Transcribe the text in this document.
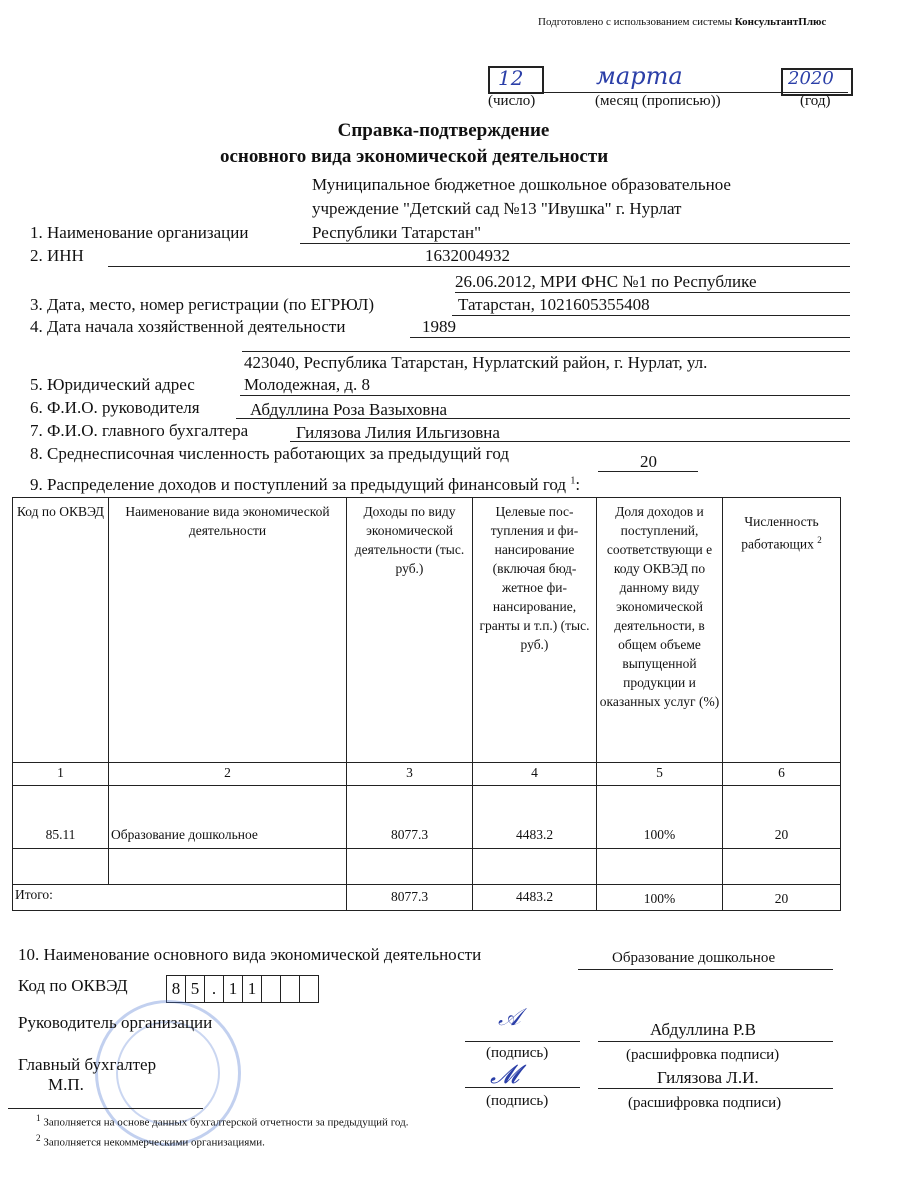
Подготовлено с использованием системы КонсультантПлюс
12	марта	2020
(число)	(месяц (прописью))	(год)
Справка-подтверждение
основного вида экономической деятельности
Муниципальное бюджетное дошкольное образовательное
учреждение "Детский сад №13 "Ивушка" г. Нурлат
1. Наименование организации	Республики Татарстан"
2. ИНН	1632004932
26.06.2012, МРИ ФНС №1 по Республике
3. Дата, место, номер регистрации (по ЕГРЮЛ)	Татарстан, 1021605355408
4. Дата начала хозяйственной деятельности	1989
423040, Республика Татарстан, Нурлатский район, г. Нурлат, ул.
5. Юридический адрес	Молодежная, д. 8
6. Ф.И.О. руководителя	Абдуллина Роза Вазыховна
7. Ф.И.О. главного бухгалтера	Гилязова Лилия Ильгизовна
8. Среднесписочная численность работающих за предыдущий год	20
9. Распределение доходов и поступлений за предыдущий финансовый год $^1$:
Код по ОКВЭД	Наименование вида экономической деятельности	Доходы по виду экономической деятельности (тыс. руб.)	Целевые пос-тупления и фи-нансирование (включая бюд-жетное фи-нансирование, гранты и т.п.) (тыс. руб.)	Доля доходов и поступлений, соответствующи е коду ОКВЭД по данному виду экономической деятельности, в общем объеме выпущенной продукции и оказанных услуг (%)	Численность работающих $^2$
1	2	3	4	5	6
85.11	Образование дошкольное	8077.3	4483.2	100%	20

Итого:		8077.3	4483.2	100%	20
10. Наименование основного вида экономической деятельности	Образование дошкольное
Код по ОКВЭД	8 5 . 1 1
Руководитель организации	𝒜	Абдуллина Р.В
(подпись)	(расшифровка подписи)
Главный бухгалтер
М.П.	𝓜	Гилязова Л.И.
(подпись)	(расшифровка подписи)
$^1$ Заполняется на основе данных бухгалтерской отчетности за предыдущий год.
$^2$ Заполняется некоммерческими организациями.
